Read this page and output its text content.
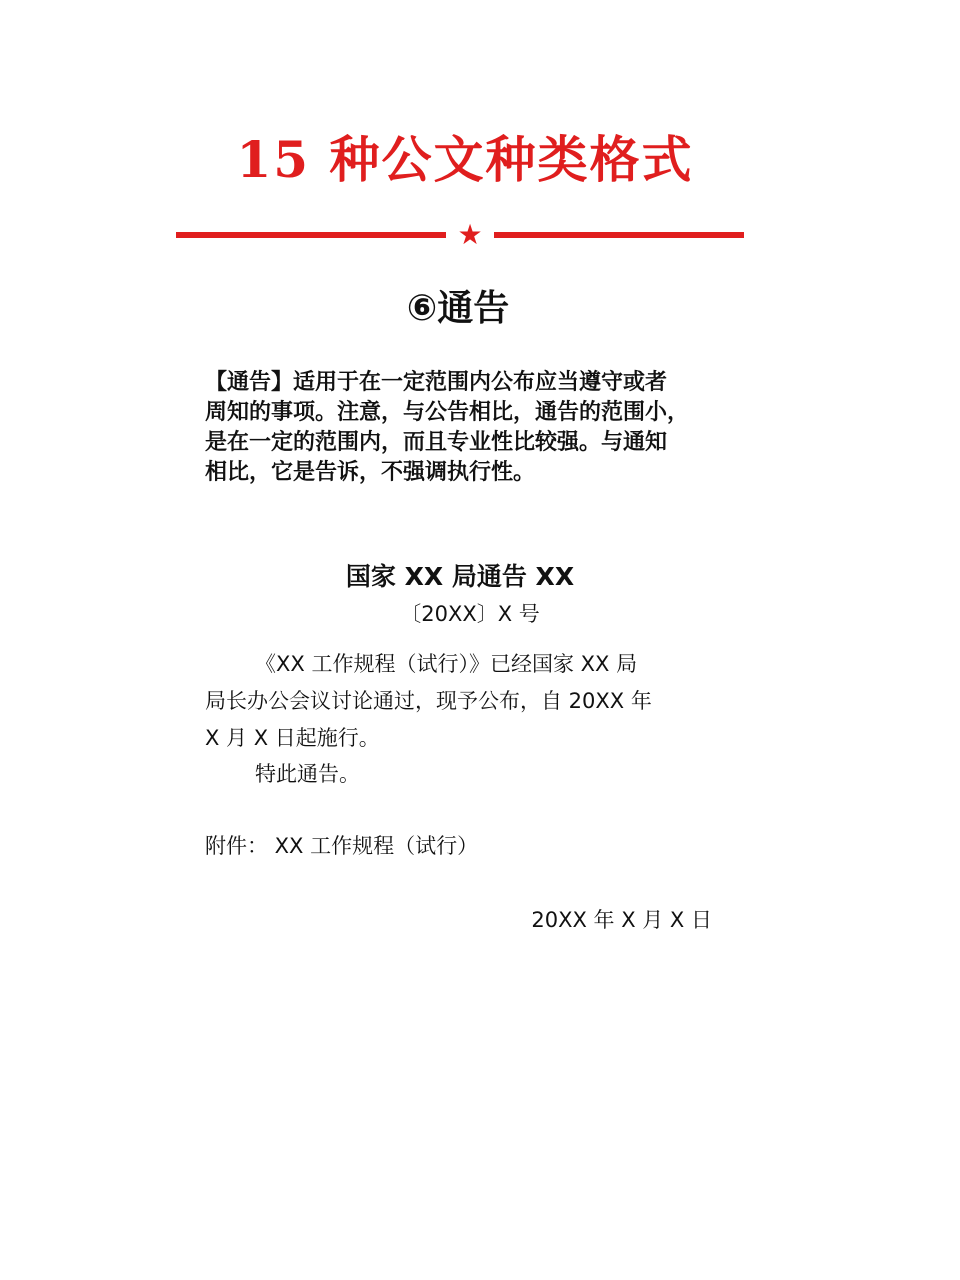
15 种公文种类格式
★
⑥通告

【通告】适用于在一定范围内公布应当遵守或者

周知的事项。注意，与公告相比，通告的范围小，

是在一定的范围内，而且专业性比较强。与通知

相比，它是告诉，不强调执行性。

国家 XX 局通告 XX
〔20XX〕X 号
《XX 工作规程（试行）》已经国家 XX 局
局长办公会议讨论通过，现予公布，自 20XX 年
X 月 X 日起施行。
特此通告。
附件： XX 工作规程（试行）
20XX 年 X 月 X 日
